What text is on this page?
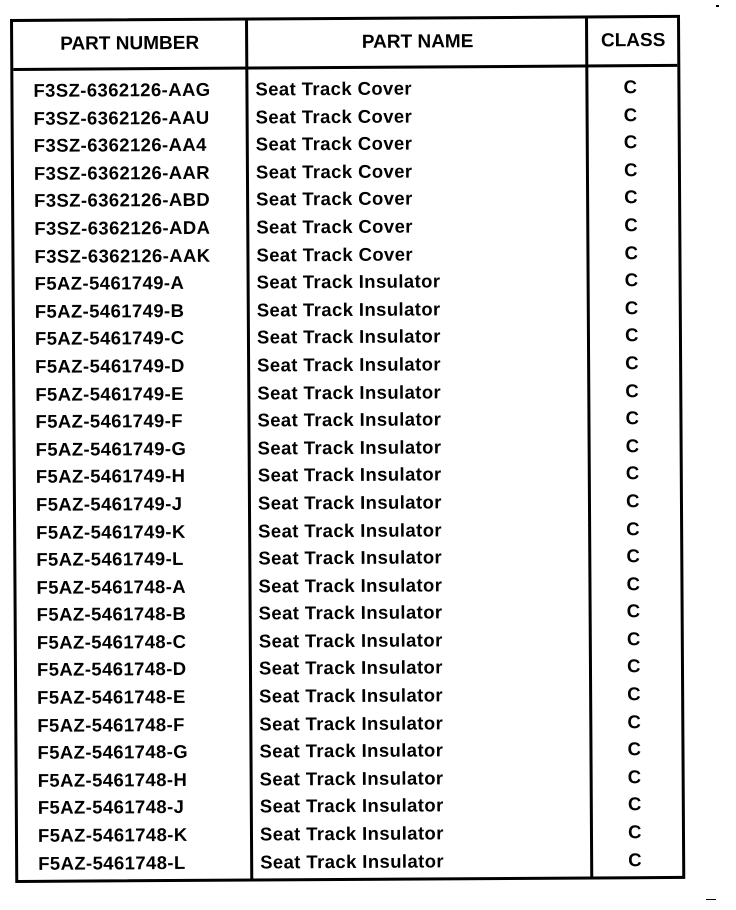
PART NUMBER	PART NAME	CLASS
F3SZ-6362126-AAG Seat Track Cover	C
F3SZ-6362126-AAU Seat Track Cover	C
F3SZ-6362126-AA4	Seat Track Cover	C
F3SZ-6362126-AAR Seat Track Cover	C
F3SZ-6362126-ABD Seat Track Cover	C
F3SZ-6362126-ADA Seat Track Cover	C
F3SZ-6362126-AAK Seat Track Cover	C
F5AZ-5461749-A	Seat Track Insulator	C
F5AZ-5461749-B	Seat Track Insulator	C
F5AZ-5461749-C	Seat Track Insulator	C
F5AZ-5461749-D	Seat Track Insulator	C
F5AZ-5461749-E	Seat Track Insulator	C
F5AZ-5461749-F	Seat Track Insulator	C
F5AZ-5461749-G	Seat Track Insulator	C
F5AZ-5461749-H	Seat Track Insulator	C
F5AZ-5461749-J	Seat Track Insulator	C
F5AZ-5461749-K	Seat Track Insulator	C
F5AZ-5461749-L	Seat Track Insulator	C
F5AZ-5461748-A	Seat Track Insulator	C
F5AZ-5461748-B	Seat Track Insulator	C
F5AZ-5461748-C	Seat Track Insulator	C
F5AZ-5461748-D	Seat Track Insulator	C
F5AZ-5461748-E	Seat Track Insulator	C
F5AZ-5461748-F	Seat Track Insulator	C
F5AZ-5461748-G	Seat Track Insulator	C
F5AZ-5461748-H	Seat Track Insulator	C
F5AZ-5461748-J	Seat Track Insulator	C
F5AZ-5461748-K	Seat Track Insulator	C
F5AZ-5461748-L	Seat Track Insulator	C
